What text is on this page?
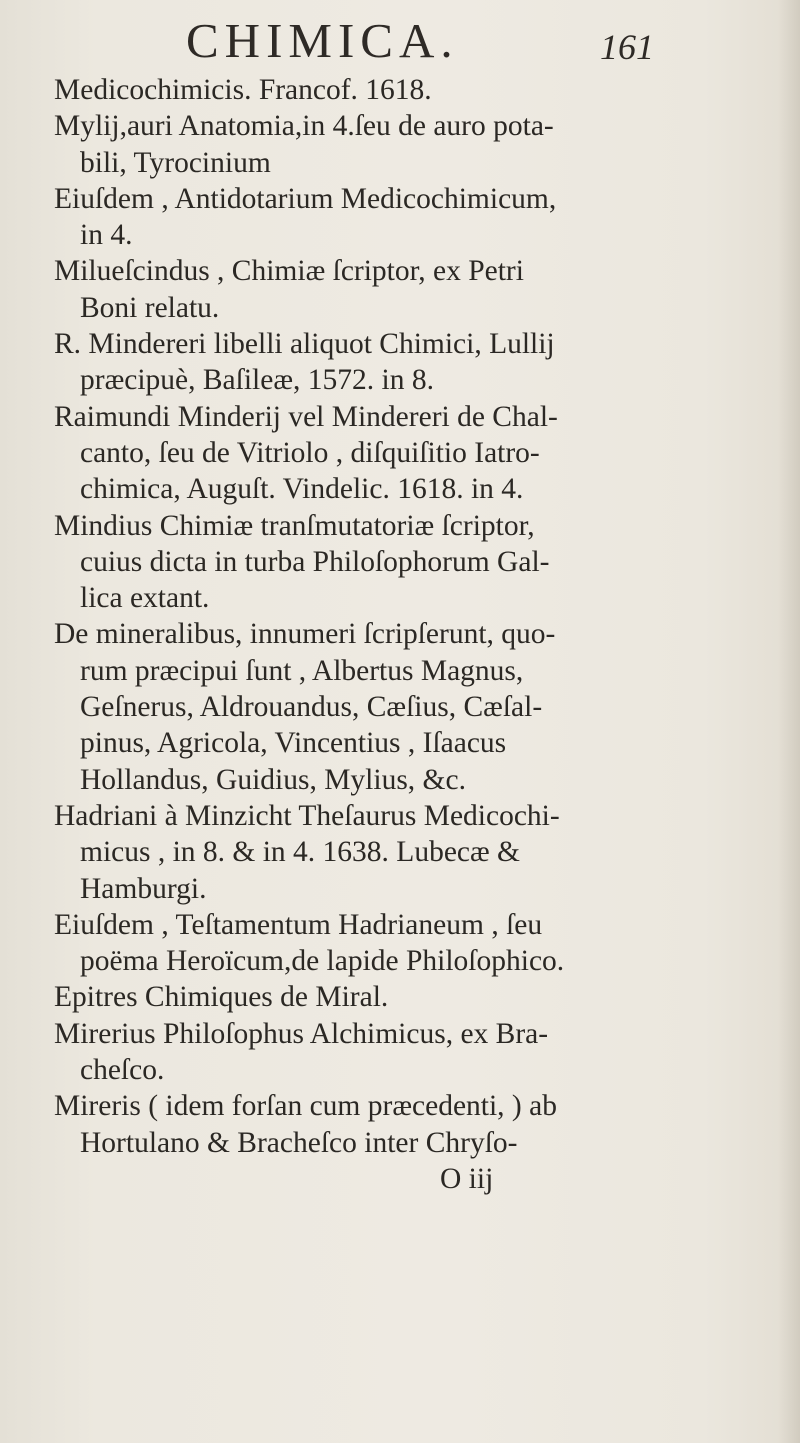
CHIMICA.	161
Medicochimicis. Francof. 1618.
Mylij,auri Anatomia,in 4.ſeu de auro pota-
bili, Tyrocinium
Eiuſdem , Antidotarium Medicochimicum,
in 4.
Milueſcindus , Chimiæ ſcriptor, ex Petri
Boni relatu.
R. Mindereri libelli aliquot Chimici, Lullij
præcipuè, Baſileæ, 1572. in 8.
Raimundi Minderij vel Mindereri de Chal-
canto, ſeu de Vitriolo , diſquiſitio Iatro-
chimica, Auguſt. Vindelic. 1618. in 4.
Mindius Chimiæ tranſmutatoriæ ſcriptor,
cuius dicta in turba Philoſophorum Gal-
lica extant.
De mineralibus, innumeri ſcripſerunt, quo-
rum præcipui ſunt , Albertus Magnus,
Geſnerus, Aldrouandus, Cæſius, Cæſal-
pinus, Agricola, Vincentius , Iſaacus
Hollandus, Guidius, Mylius, &c.
Hadriani à Minzicht Theſaurus Medicochi-
micus , in 8. & in 4. 1638. Lubecæ &
Hamburgi.
Eiuſdem , Teſtamentum Hadrianeum , ſeu
poëma Heroïcum,de lapide Philoſophico.
Epitres Chimiques de Miral.
Mirerius Philoſophus Alchimicus, ex Bra-
cheſco.
Mireris ( idem forſan cum præcedenti, ) ab
Hortulano & Bracheſco inter Chryſo-
O iij
